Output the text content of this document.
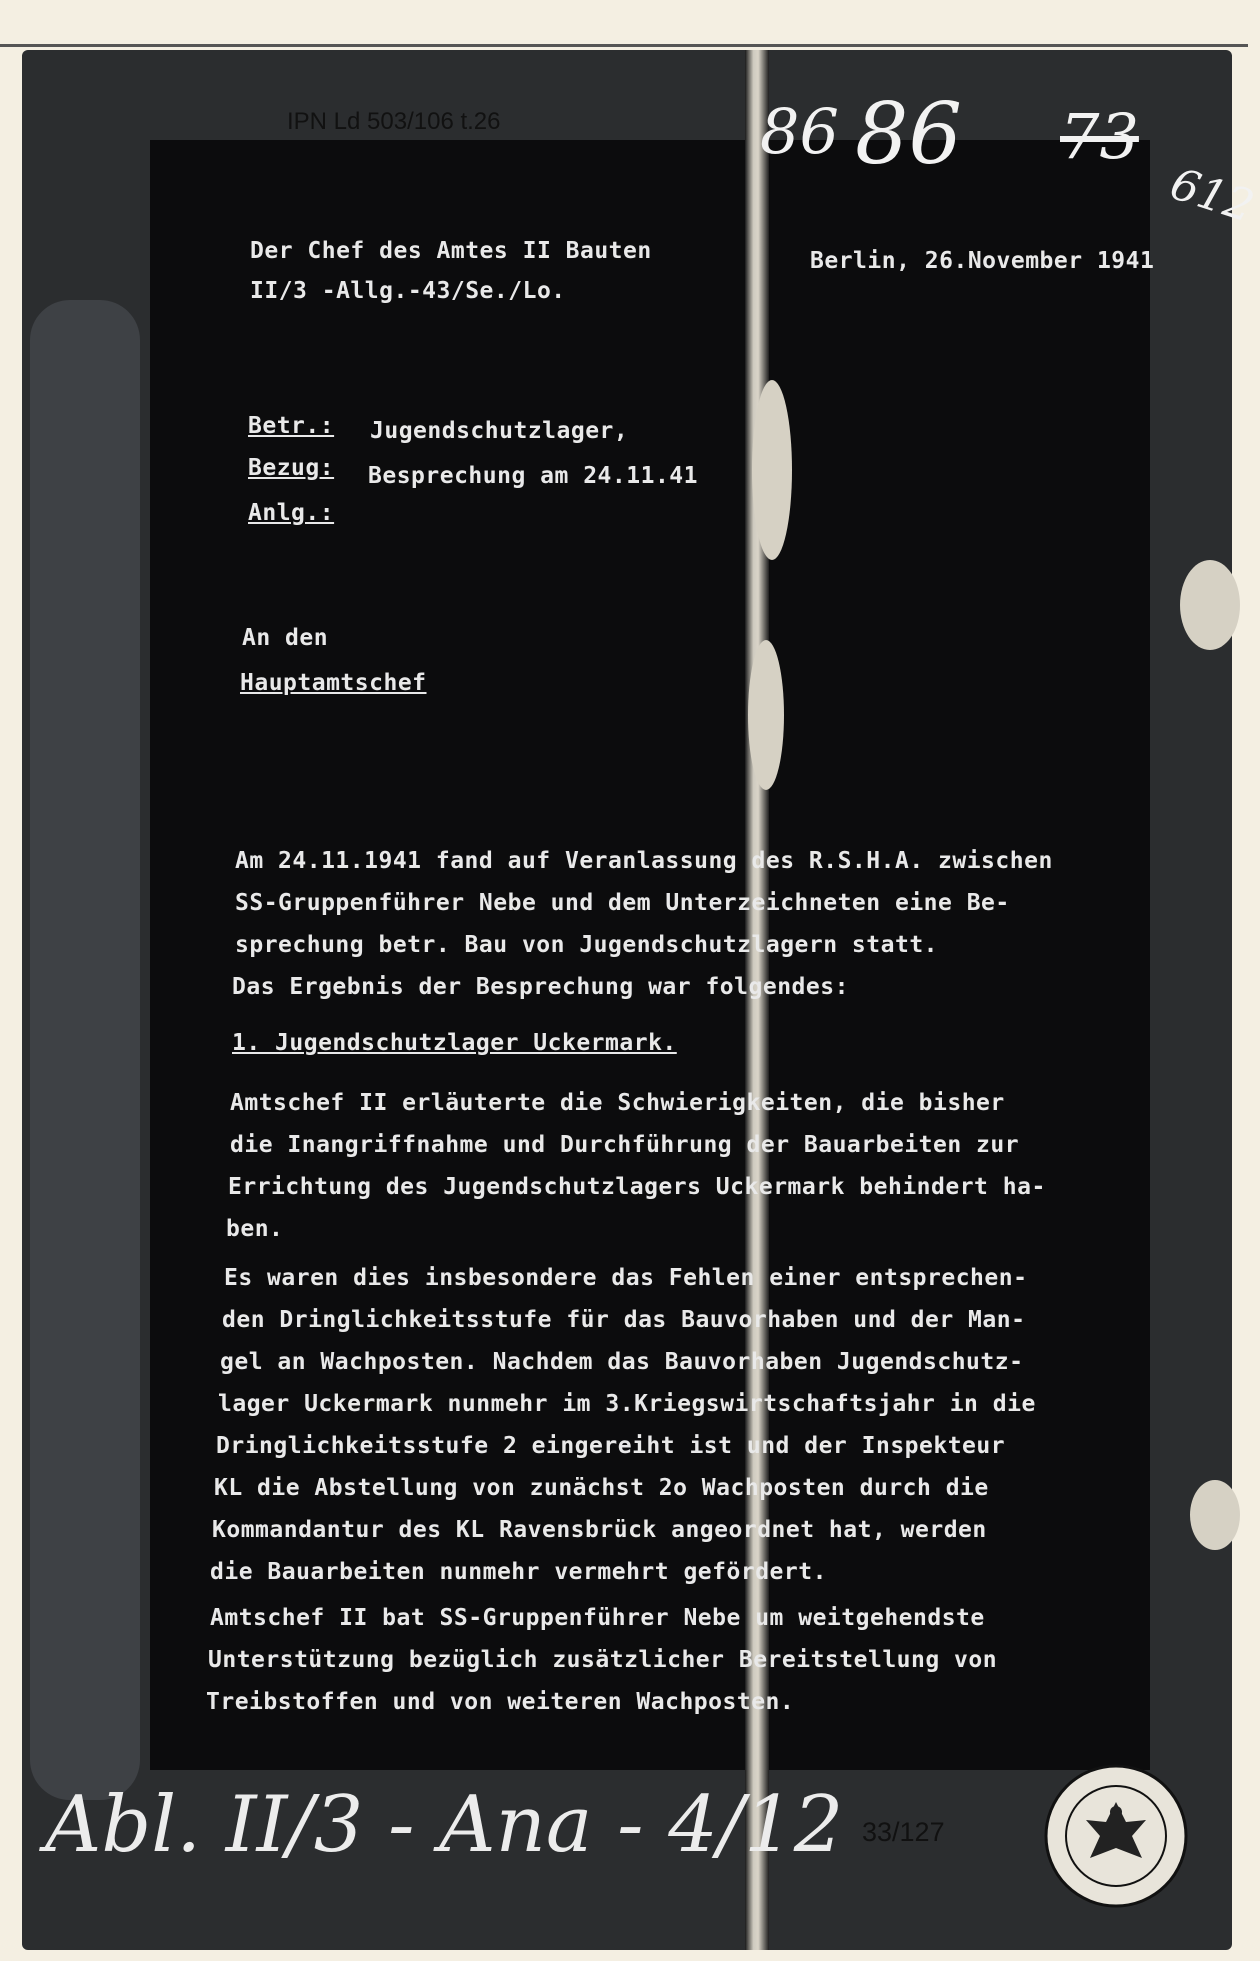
IPN Ld 503/106 t.26	86 86 73
612
Der Chef des Amtes II Bauten
II/3 -Allg.-43/Se./Lo.
Berlin, 26.November 1941
Betr.: Jugendschutzlager,
Bezug: Besprechung am 24.11.41
Anlg.:
An den
Hauptamtschef
Am 24.11.1941 fand auf Veranlassung des R.S.H.A. zwischen
SS-Gruppenführer Nebe und dem Unterzeichneten eine Be-
sprechung betr. Bau von Jugendschutzlagern statt.
Das Ergebnis der Besprechung war folgendes:
1. Jugendschutzlager Uckermark.
Amtschef II erläuterte die Schwierigkeiten, die bisher
die Inangriffnahme und Durchführung der Bauarbeiten zur
Errichtung des Jugendschutzlagers Uckermark behindert ha-
ben.
Es waren dies insbesondere das Fehlen einer entsprechen-
den Dringlichkeitsstufe für das Bauvorhaben und der Man-
gel an Wachposten. Nachdem das Bauvorhaben Jugendschutz-
lager Uckermark nunmehr im 3.Kriegswirtschaftsjahr in die
Dringlichkeitsstufe 2 eingereiht ist und der Inspekteur
KL die Abstellung von zunächst 2o Wachposten durch die
Kommandantur des KL Ravensbrück angeordnet hat, werden
die Bauarbeiten nunmehr vermehrt gefördert.
Amtschef II bat SS-Gruppenführer Nebe um weitgehendste
Unterstützung bezüglich zusätzlicher Bereitstellung von
Treibstoffen und von weiteren Wachposten.
Abl. II/3 - Ana - 4/12 33/127
